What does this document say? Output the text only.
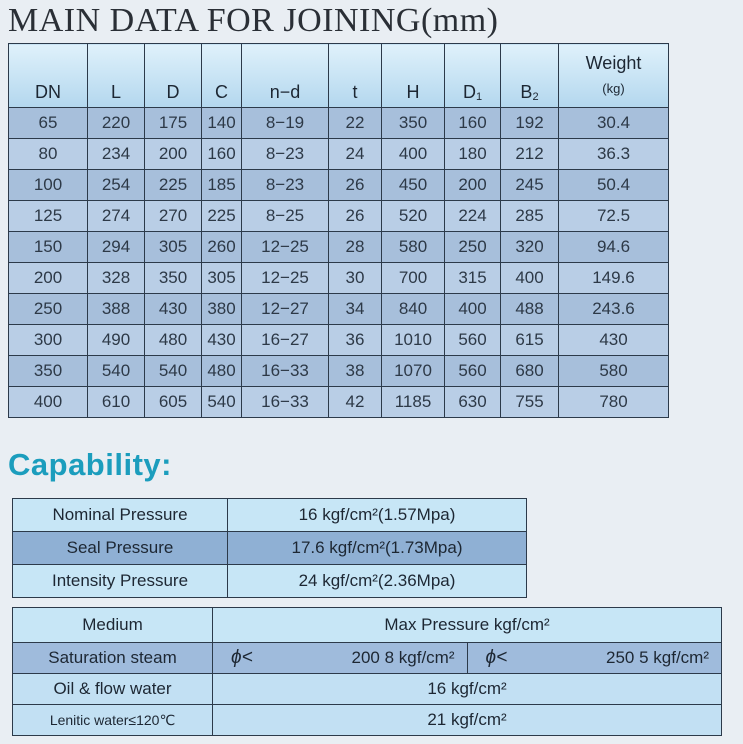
MAIN DATA FOR JOINING(mm)
DN	L	D	C	n−d	t	H	D1	B2	Weight
(kg)

65	220	175	140	8−19	22	350	160	192	30.4
80	234	200	160	8−23	24	400	180	212	36.3
100	254	225	185	8−23	26	450	200	245	50.4
125	274	270	225	8−25	26	520	224	285	72.5
150	294	305	260	12−25	28	580	250	320	94.6
200	328	350	305	12−25	30	700	315	400	149.6
250	388	430	380	12−27	34	840	400	488	243.6
300	490	480	430	16−27	36	1010	560	615	430
350	540	540	480	16−33	38	1070	560	680	580
400	610	605	540	16−33	42	1185	630	755	780
Capability:
Nominal Pressure	16 kgf/cm²(1.57Mpa)
Seal Pressure	17.6 kgf/cm²(1.73Mpa)
Intensity Pressure	24 kgf/cm²(2.36Mpa)
Medium	Max Pressure kgf/cm²	
Saturation steam	ϕ< 200 8 kgf/cm²	ϕ< 250 5 kgf/cm²

Oil & flow water	16 kgf/cm²	
Lenitic water≤120℃	21 kgf/cm²	
